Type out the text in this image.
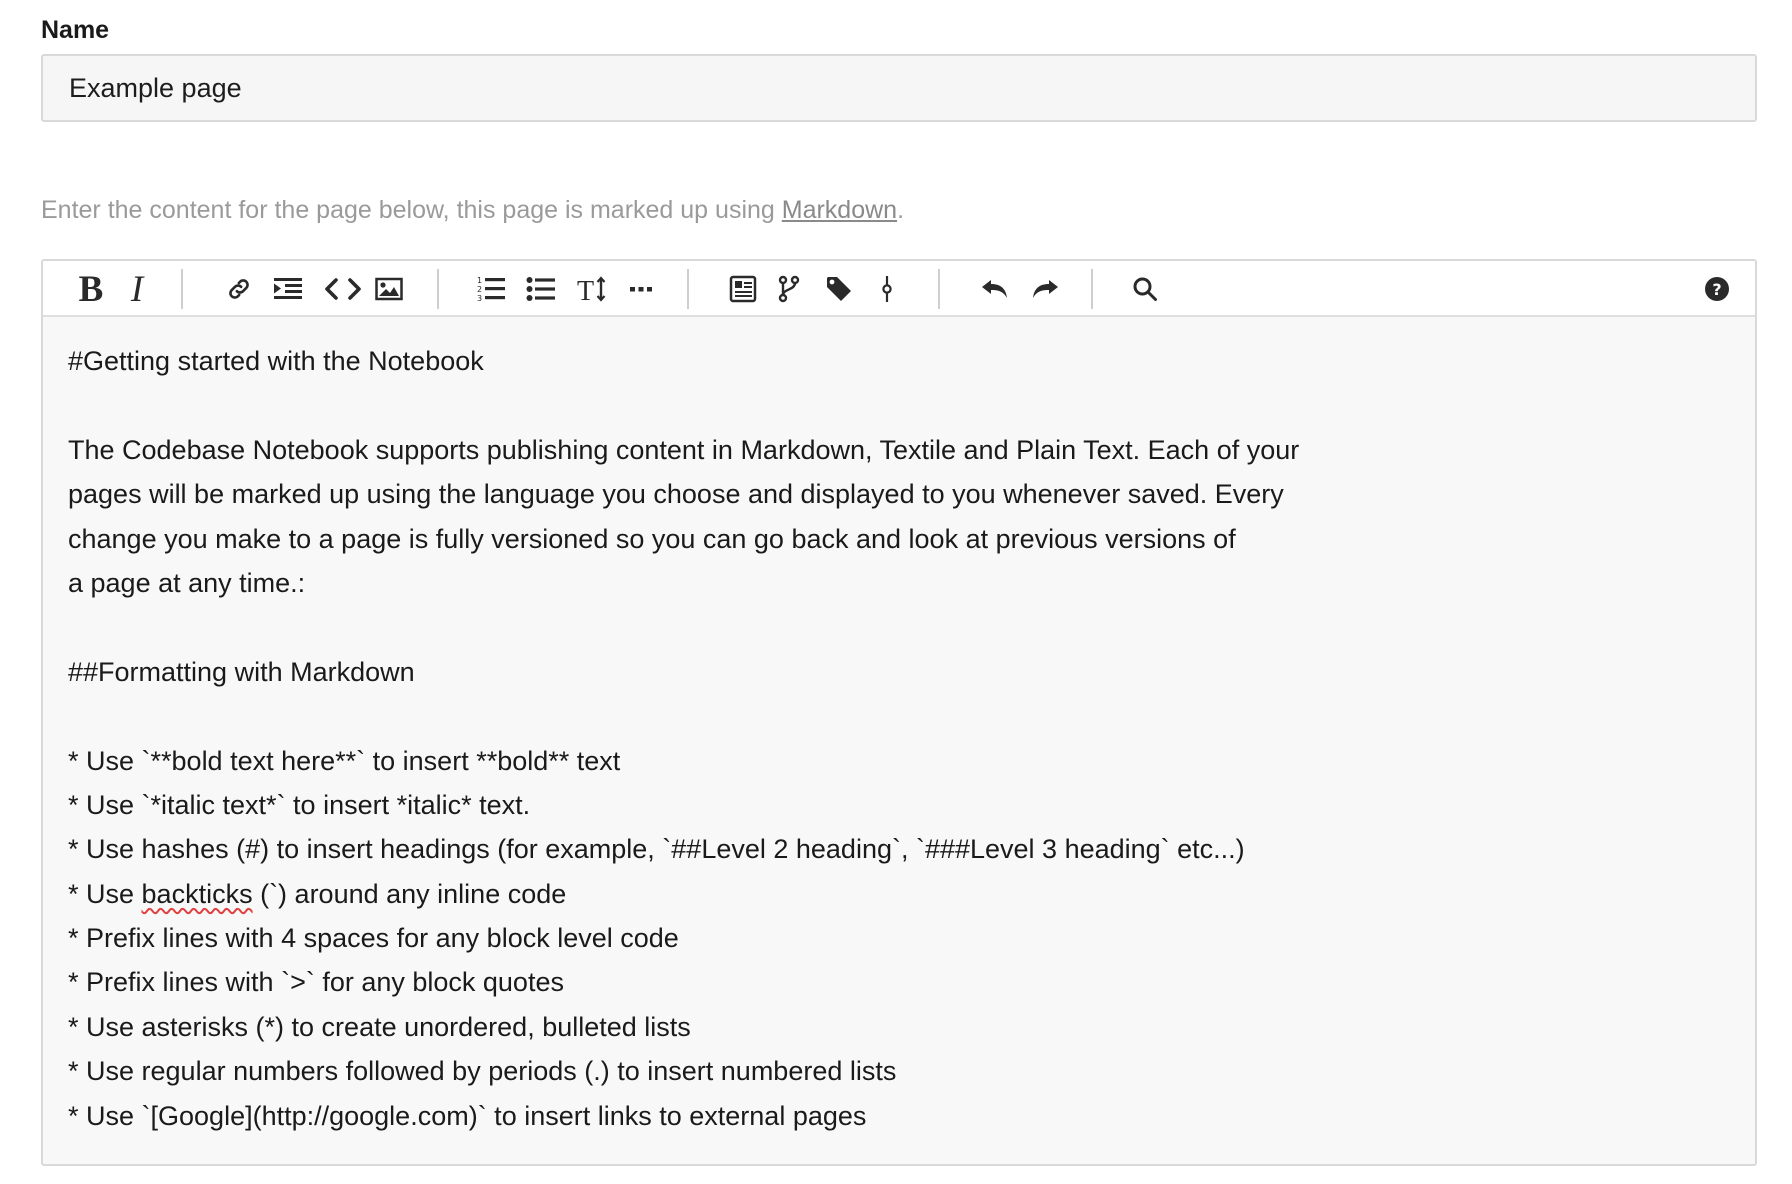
Name
Example page
Enter the content for the page below, this page is marked up using Markdown.
B I	1
2
3	T	?
#Getting started with the Notebook
The Codebase Notebook supports publishing content in Markdown, Textile and Plain Text. Each of your
pages will be marked up using the language you choose and displayed to you whenever saved. Every
change you make to a page is fully versioned so you can go back and look at previous versions of
a page at any time.:
##Formatting with Markdown
* Use `**bold text here**` to insert **bold** text
* Use `*italic text*` to insert *italic* text.
* Use hashes (#) to insert headings (for example, `##Level 2 heading`, `###Level 3 heading` etc...)
* Use backticks (`) around any inline code
* Prefix lines with 4 spaces for any block level code
* Prefix lines with `>` for any block quotes
* Use asterisks (*) to create unordered, bulleted lists
* Use regular numbers followed by periods (.) to insert numbered lists
* Use `[Google](http://google.com)` to insert links to external pages
